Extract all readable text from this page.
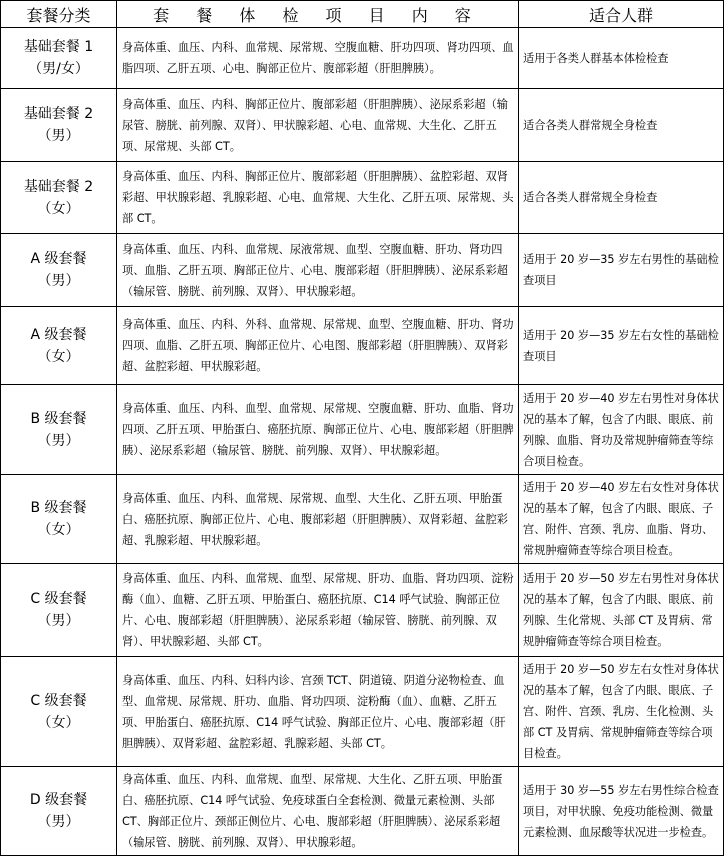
套餐分类	套 餐 体 检 项 目 内 容	适合人群

基础套餐 1
（男/女）	身高体重、血压、内科、血常规、尿常规、空腹血糖、肝功四项、肾功四项、血脂四项、乙肝五项、心电、胸部正位片、腹部彩超（肝胆脾胰）。	适用于各类人群基本体检检查

基础套餐 2
（男）	身高体重、血压、内科、胸部正位片、腹部彩超（肝胆脾胰）、泌尿系彩超（输尿管、膀胱、前列腺、双肾）、甲状腺彩超、心电、血常规、大生化、乙肝五项、尿常规、头部 CT。	适合各类人群常规全身检查

基础套餐 2
（女）	身高体重、血压、内科、胸部正位片、腹部彩超（肝胆脾胰）、盆腔彩超、双肾彩超、甲状腺彩超、乳腺彩超、心电、血常规、大生化、乙肝五项、尿常规、头部 CT。	适合各类人群常规全身检查

A 级套餐
（男）	身高体重、血压、内科、血常规、尿液常规、血型、空腹血糖、肝功、肾功四项、血脂、乙肝五项、胸部正位片、心电、腹部彩超（肝胆脾胰）、泌尿系彩超（输尿管、膀胱、前列腺、双肾）、甲状腺彩超。	适用于 20 岁—35 岁左右男性的基础检查项目

A 级套餐
（女）	身高体重、血压、内科、外科、血常规、尿常规、血型、空腹血糖、肝功、肾功四项、血脂、乙肝五项、胸部正位片、心电图、腹部彩超（肝胆脾胰）、双肾彩超、盆腔彩超、甲状腺彩超。	适用于 20 岁—35 岁左右女性的基础检查项目

B 级套餐
（男）	身高体重、血压、内科、血型、血常规、尿常规、空腹血糖、肝功、血脂、肾功四项、乙肝五项、甲胎蛋白、癌胚抗原、胸部正位片、心电、腹部彩超（肝胆脾胰）、泌尿系彩超（输尿管、膀胱、前列腺、双肾）、甲状腺彩超。	适用于 20 岁—40 岁左右男性对身体状况的基本了解，包含了内眼、眼底、前列腺、血脂、肾功及常规肿瘤筛查等综合项目检查。

B 级套餐
（女）	身高体重、血压、内科、血常规、尿常规、血型、大生化、乙肝五项、甲胎蛋白、癌胚抗原、胸部正位片、心电、腹部彩超（肝胆脾胰）、双肾彩超、盆腔彩超、乳腺彩超、甲状腺彩超。	适用于 20 岁—40 岁左右女性对身体状况的基本了解，包含了内眼、眼底、子宫、附件、宫颈、乳房、血脂、肾功、常规肿瘤筛查等综合项目检查。

C 级套餐
（男）	身高体重、血压、内科、血常规、血型、尿常规、肝功、血脂、肾功四项、淀粉酶（血）、血糖、乙肝五项、甲胎蛋白、癌胚抗原、C14 呼气试验、胸部正位片、心电、腹部彩超（肝胆脾胰）、泌尿系彩超（输尿管、膀胱、前列腺、双肾）、甲状腺彩超、头部 CT。	适用于 20 岁—50 岁左右男性对身体状况的基本了解，包含了内眼、眼底、前列腺、生化常规、头部 CT 及胃病、常规肿瘤筛查等综合项目检查。

C 级套餐
（女）	身高体重、血压、内科、妇科内诊、宫颈 TCT、阴道镜、阴道分泌物检查、血型、血常规、尿常规、肝功、血脂、肾功四项、淀粉酶（血）、血糖、乙肝五项、甲胎蛋白、癌胚抗原、C14 呼气试验、胸部正位片、心电、腹部彩超（肝胆脾胰）、双肾彩超、盆腔彩超、乳腺彩超、头部 CT。	适用于 20 岁—50 岁左右女性对身体状况的基本了解，包含了内眼、眼底、子宫、附件、宫颈、乳房、生化检测、头部 CT 及胃病、常规肿瘤筛查等综合项目检查。

D 级套餐
（男）	身高体重、血压、内科、血常规、血型、尿常规、大生化、乙肝五项、甲胎蛋白、癌胚抗原、C14 呼气试验、免疫球蛋白全套检测、微量元素检测、头部 CT、胸部正位片、颈部正侧位片、心电、腹部彩超（肝胆脾胰）、泌尿系彩超（输尿管、膀胱、前列腺、双肾）、甲状腺彩超。	适用于 30 岁—55 岁左右男性综合检查项目，对甲状腺、免疫功能检测、微量元素检测、血尿酸等状况进一步检查。
